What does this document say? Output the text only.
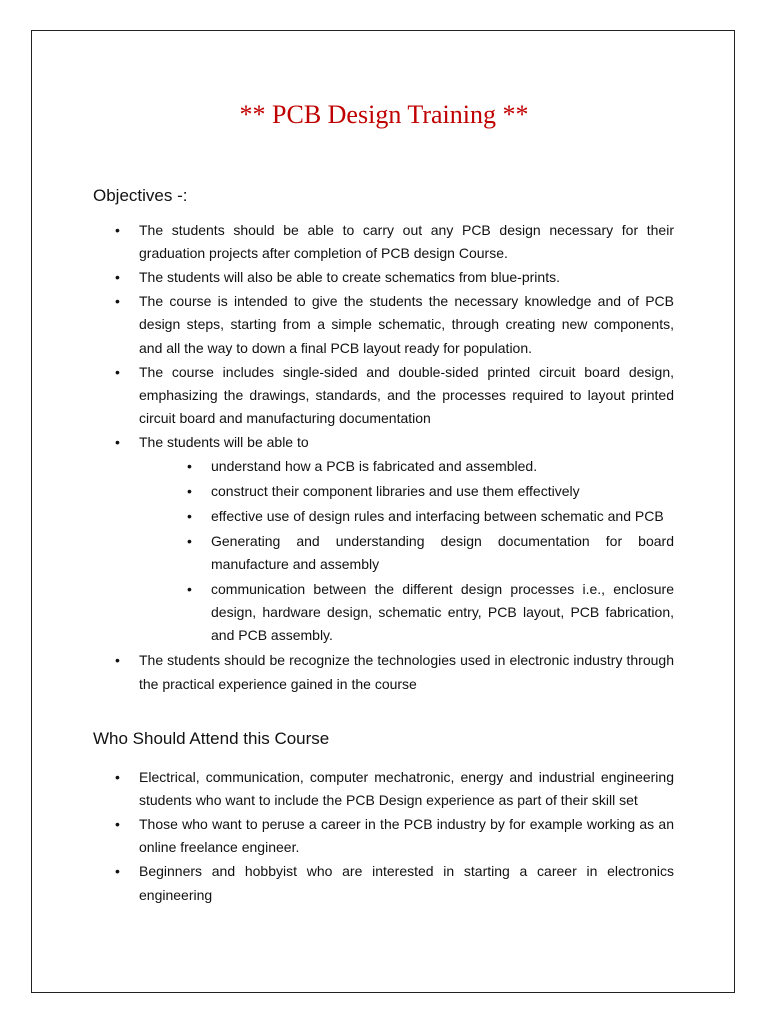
** PCB Design Training **
Objectives -:
• The students should be able to carry out any PCB design necessary for their graduation projects after completion of PCB design Course.
• The students will also be able to create schematics from blue-prints.
• The course is intended to give the students the necessary knowledge and of PCB design steps, starting from a simple schematic, through creating new components, and all the way to down a final PCB layout ready for population.
• The course includes single-sided and double-sided printed circuit board design, emphasizing the drawings, standards, and the processes required to layout printed circuit board and manufacturing documentation
• The students will be able to
• understand how a PCB is fabricated and assembled.
• construct their component libraries and use them effectively
• effective use of design rules and interfacing between schematic and PCB
• Generating and understanding design documentation for board manufacture and assembly
• communication between the different design processes i.e., enclosure design, hardware design, schematic entry, PCB layout, PCB fabrication, and PCB assembly.
• The students should be recognize the technologies used in electronic industry through the practical experience gained in the course
Who Should Attend this Course
• Electrical, communication, computer mechatronic, energy and industrial engineering students who want to include the PCB Design experience as part of their skill set
• Those who want to peruse a career in the PCB industry by for example working as an online freelance engineer.
• Beginners and hobbyist who are interested in starting a career in electronics engineering
